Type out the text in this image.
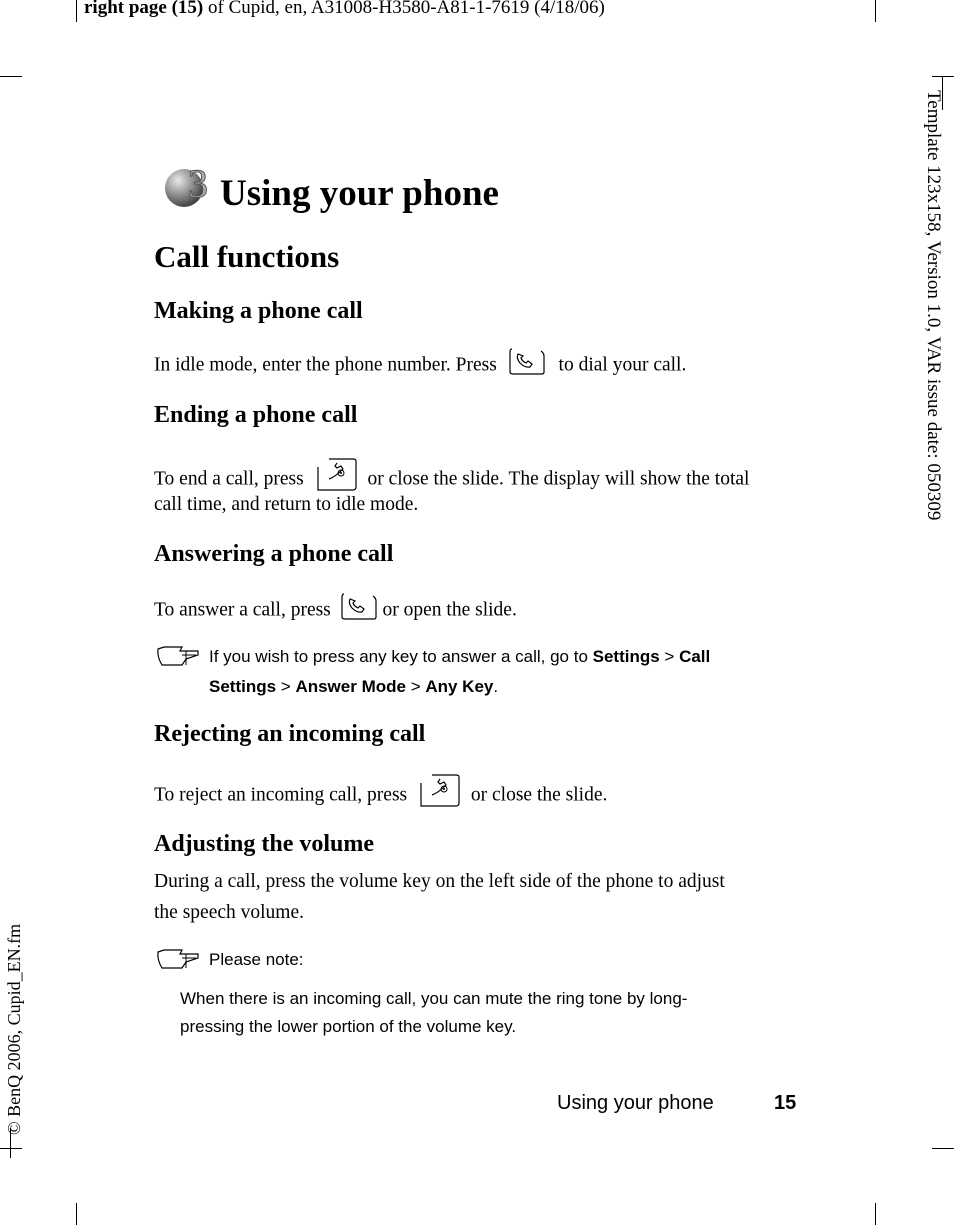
right page (15) of Cupid, en, A31008-H3580-A81-1-7619 (4/18/06)
Template 123x158, Version 1.0, VAR issue date: 050309
© BenQ 2006, Cupid_EN.fm
3 Using your phone
Call functions
Making a phone call
In idle mode, enter the phone number. Press	to dial your call.
Ending a phone call
To end a call, press	or close the slide. The display will show the total
call time, and return to idle mode.
Answering a phone call
To answer a call, press  or open the slide.
If you wish to press any key to answer a call, go to Settings > Call
Settings > Answer Mode > Any Key.
Rejecting an incoming call
To reject an incoming call, press	or close the slide.
Adjusting the volume
During a call, press the volume key on the left side of the phone to adjust
the speech volume.
Please note:
When there is an incoming call, you can mute the ring tone by long-
pressing the lower portion of the volume key.
Using your phone	15
